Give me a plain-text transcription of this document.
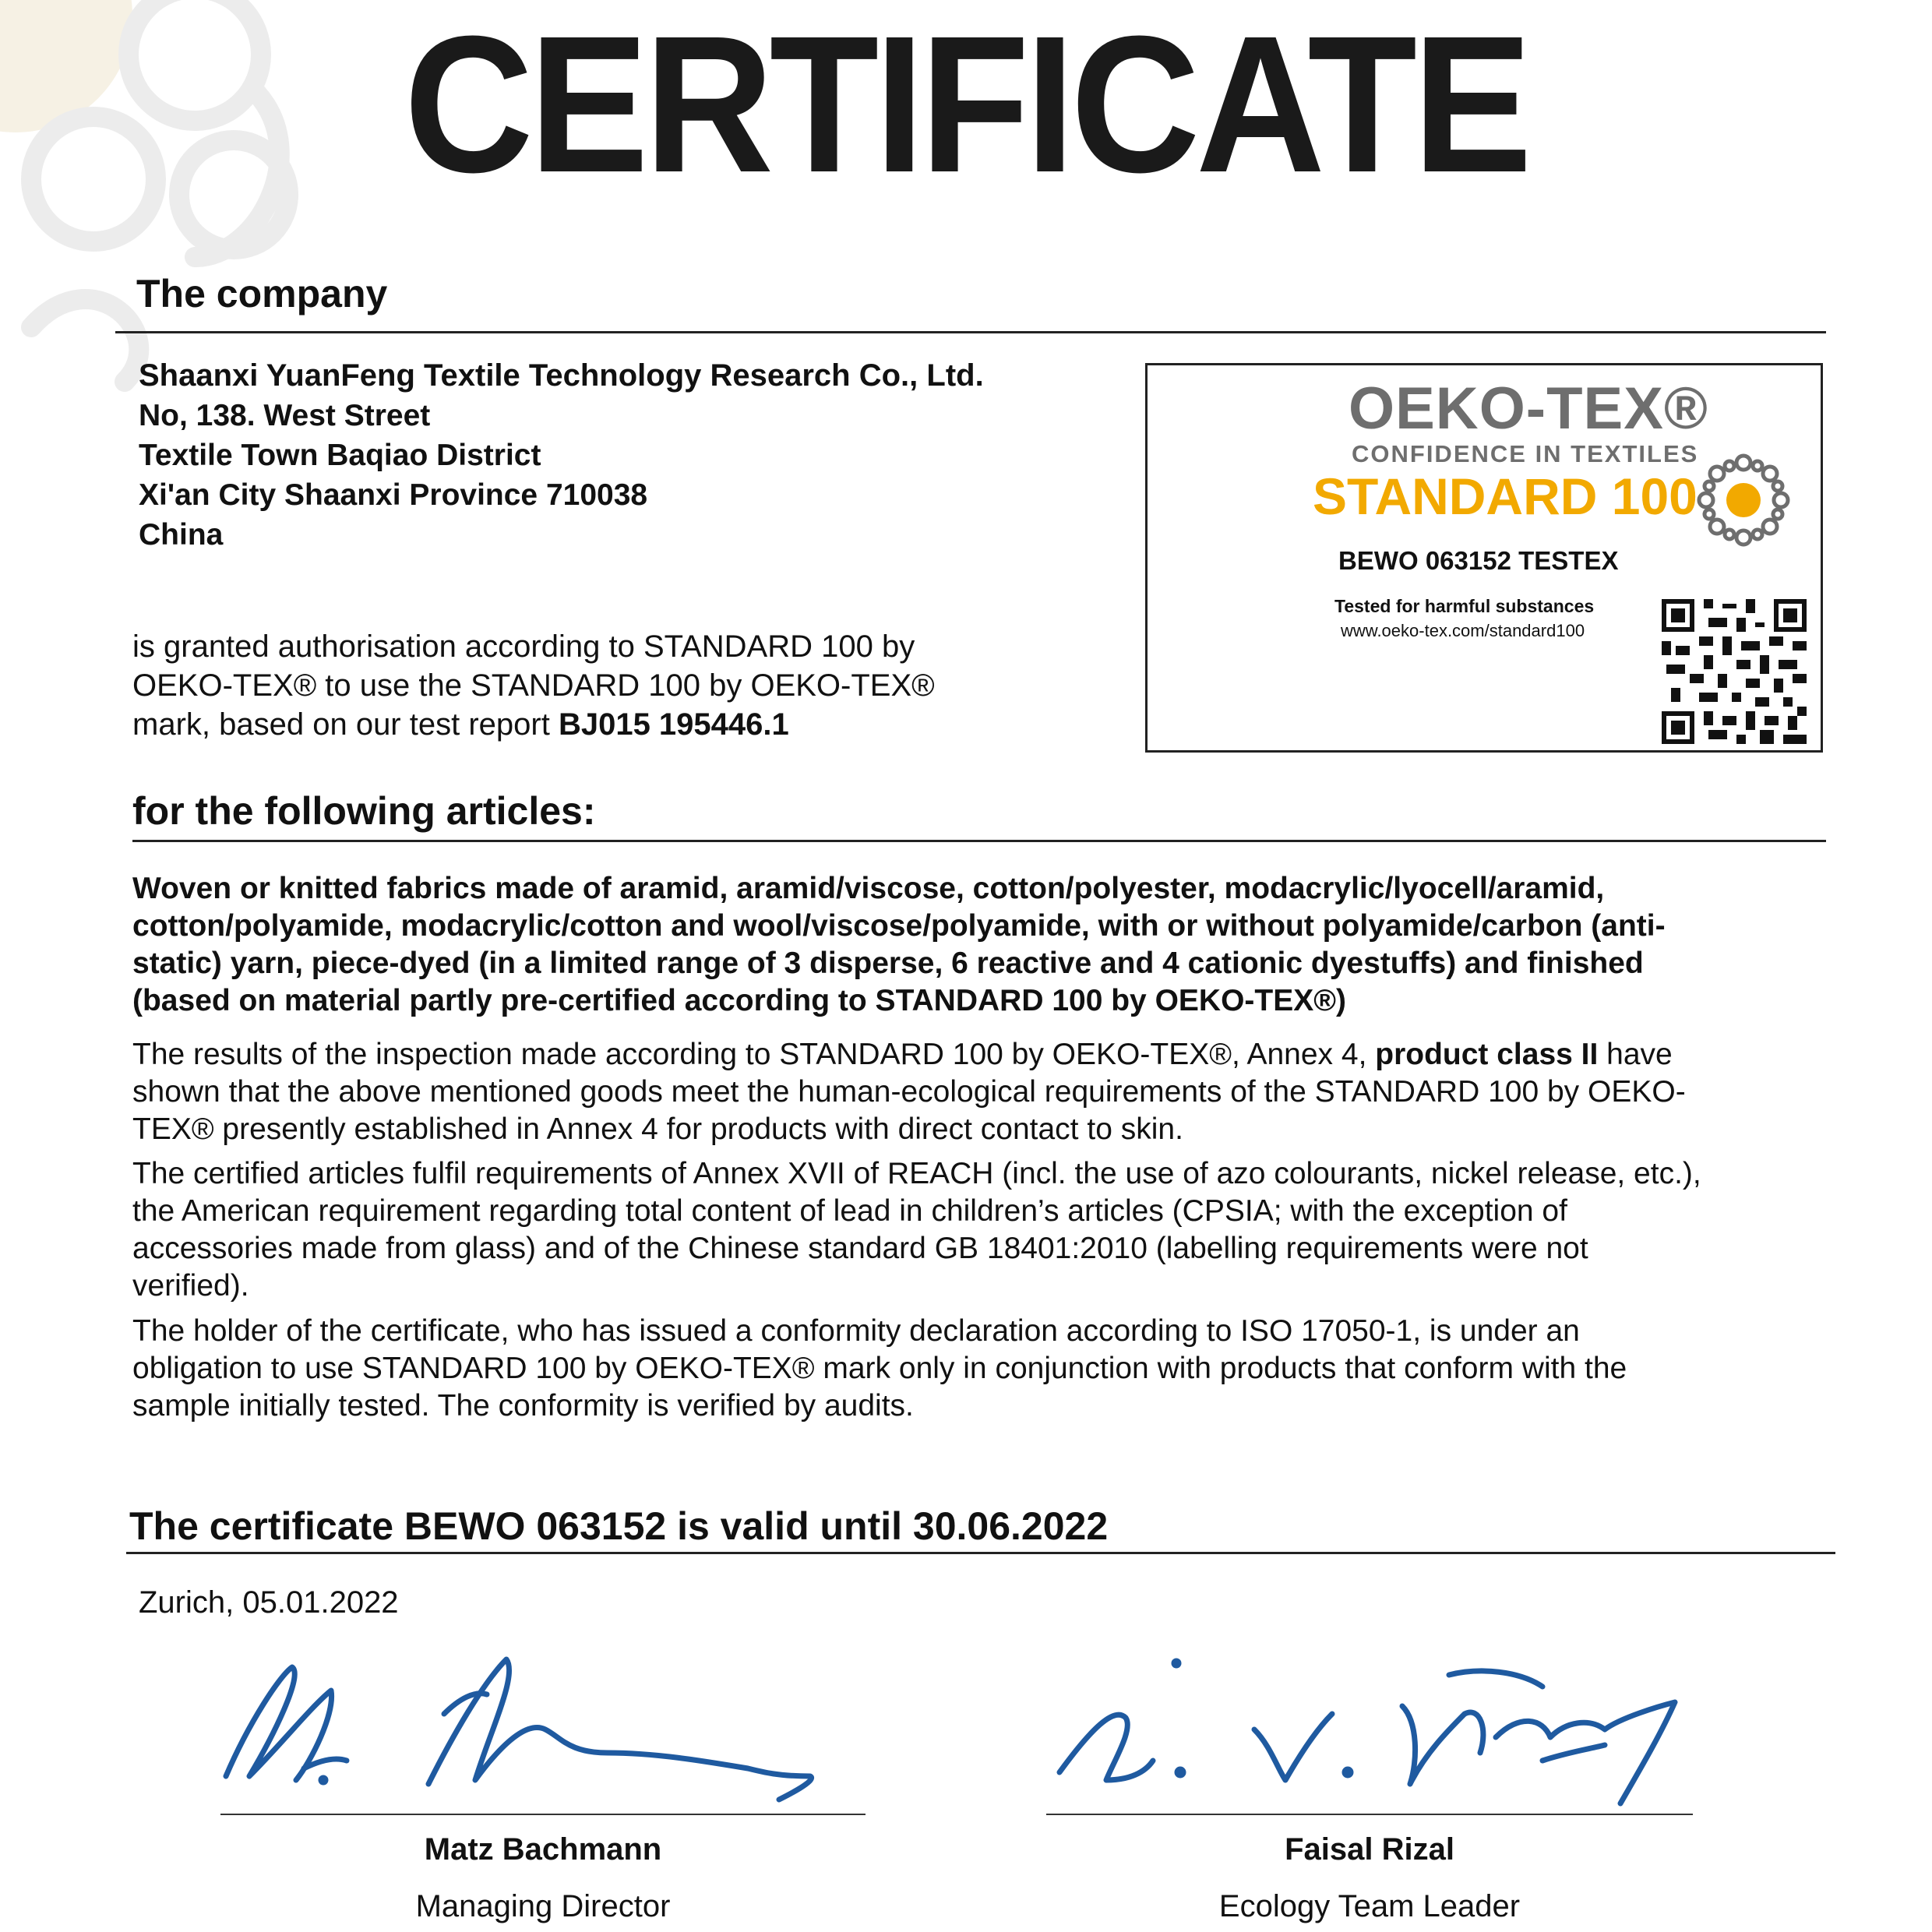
CERTIFICATE
The company
Shaanxi YuanFeng Textile Technology Research Co., Ltd.
No, 138. West Street
Textile Town Baqiao District
Xi'an City Shaanxi Province 710038
China
OEKO-TEX®
CONFIDENCE IN TEXTILES
STANDARD 100
BEWO 063152 TESTEX
Tested for harmful substances
www.oeko-tex.com/standard100
is granted authorisation according to STANDARD 100 by
OEKO-TEX® to use the STANDARD 100 by OEKO-TEX®
mark, based on our test report BJ015 195446.1
for the following articles:
Woven or knitted fabrics made of aramid, aramid/viscose, cotton/polyester, modacrylic/lyocell/aramid,
cotton/polyamide, modacrylic/cotton and wool/viscose/polyamide, with or without polyamide/carbon (anti-
static) yarn, piece-dyed (in a limited range of 3 disperse, 6 reactive and 4 cationic dyestuffs) and finished
(based on material partly pre-certified according to STANDARD 100 by OEKO-TEX®)
The results of the inspection made according to STANDARD 100 by OEKO-TEX®, Annex 4, product class II have
shown that the above mentioned goods meet the human-ecological requirements of the STANDARD 100 by OEKO-
TEX® presently established in Annex 4 for products with direct contact to skin.
The certified articles fulfil requirements of Annex XVII of REACH (incl. the use of azo colourants, nickel release, etc.),
the American requirement regarding total content of lead in children’s articles (CPSIA; with the exception of
accessories made from glass) and of the Chinese standard GB 18401:2010 (labelling requirements were not
verified).
The holder of the certificate, who has issued a conformity declaration according to ISO 17050-1, is under an
obligation to use STANDARD 100 by OEKO-TEX® mark only in conjunction with products that conform with the
sample initially tested. The conformity is verified by audits.
The certificate BEWO 063152 is valid until 30.06.2022
Zurich, 05.01.2022
Matz Bachmann
Managing Director
Faisal Rizal
Ecology Team Leader
